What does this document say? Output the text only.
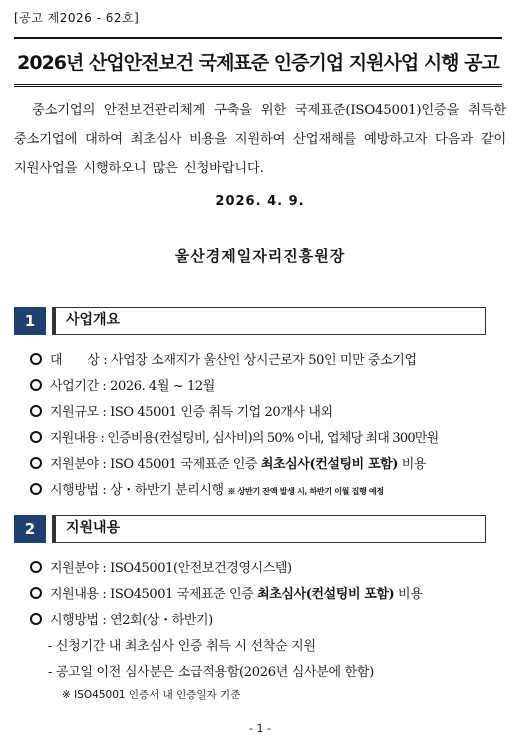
[공고 제2026 - 62호]
2026년 산업안전보건 국제표준 인증기업 지원사업 시행 공고
중소기업의 안전보건관리체계 구축을 위한 국제표준(ISO45001)인증을 취득한 중소기업에 대하여 최초심사 비용을 지원하여 산업재해를 예방하고자 다음과 같이 지원사업을 시행하오니 많은 신청바랍니다.
2026. 4. 9.
울산경제일자리진흥원장
1	사업개요
대　　상 : 사업장 소재지가 울산인 상시근로자 50인 미만 중소기업
사업기간 : 2026. 4월 ~ 12월
지원규모 : ISO 45001 인증 취득 기업 20개사 내외
지원내용 : 인증비용(컨설팅비, 심사비)의 50% 이내, 업체당 최대 300만원
지원분야 : ISO 45001 국제표준 인증 최초심사(컨설팅비 포함) 비용
시행방법 : 상・하반기 분리시행 ※ 상반기 잔액 발생 시, 하반기 이월 집행 예정
2	지원내용
지원분야 : ISO45001(안전보건경영시스템)
지원내용 : ISO45001 국제표준 인증 최초심사(컨설팅비 포함) 비용
시행방법 : 연2회(상・하반기)
- 신청기간 내 최초심사 인증 취득 시 선착순 지원
- 공고일 이전 심사분은 소급적용함(2026년 심사분에 한함)
※ ISO45001 인증서 내 인증일자 기준
- 1 -
